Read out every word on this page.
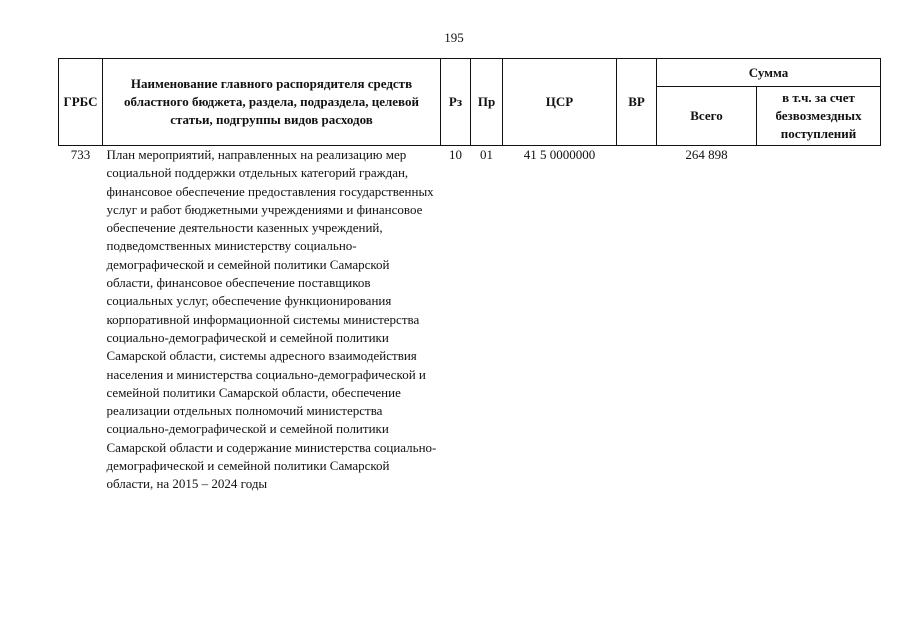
195
ГРБС	Наименование главного распорядителя средств областного бюджета, раздела, подраздела, целевой статьи, подгруппы видов расходов	Рз	Пр	ЦСР	ВР	Сумма	
						Всего	в т.ч. за счет безвозмездных поступлений
733	План мероприятий, направленных на реализацию мер социальной поддержки отдельных категорий граждан, финансовое обеспечение предоставления государственных услуг и работ бюджетными учреждениями и финансовое обеспечение деятельности казенных учреждений, подведомственных министерству социально-демографической и семейной политики Самарской области, финансовое обеспечение поставщиков социальных услуг, обеспечение функционирования корпоративной информационной системы министерства социально-демографической и семейной политики Самарской области, системы адресного взаимодействия населения и министерства социально-демографической и семейной политики Самарской области, обеспечение реализации отдельных полномочий министерства социально-демографической и семейной политики Самарской области и содержание министерства социально-демографической и семейной политики Самарской области, на 2015 – 2024 годы	10	01	41 5 0000000		264 898	
